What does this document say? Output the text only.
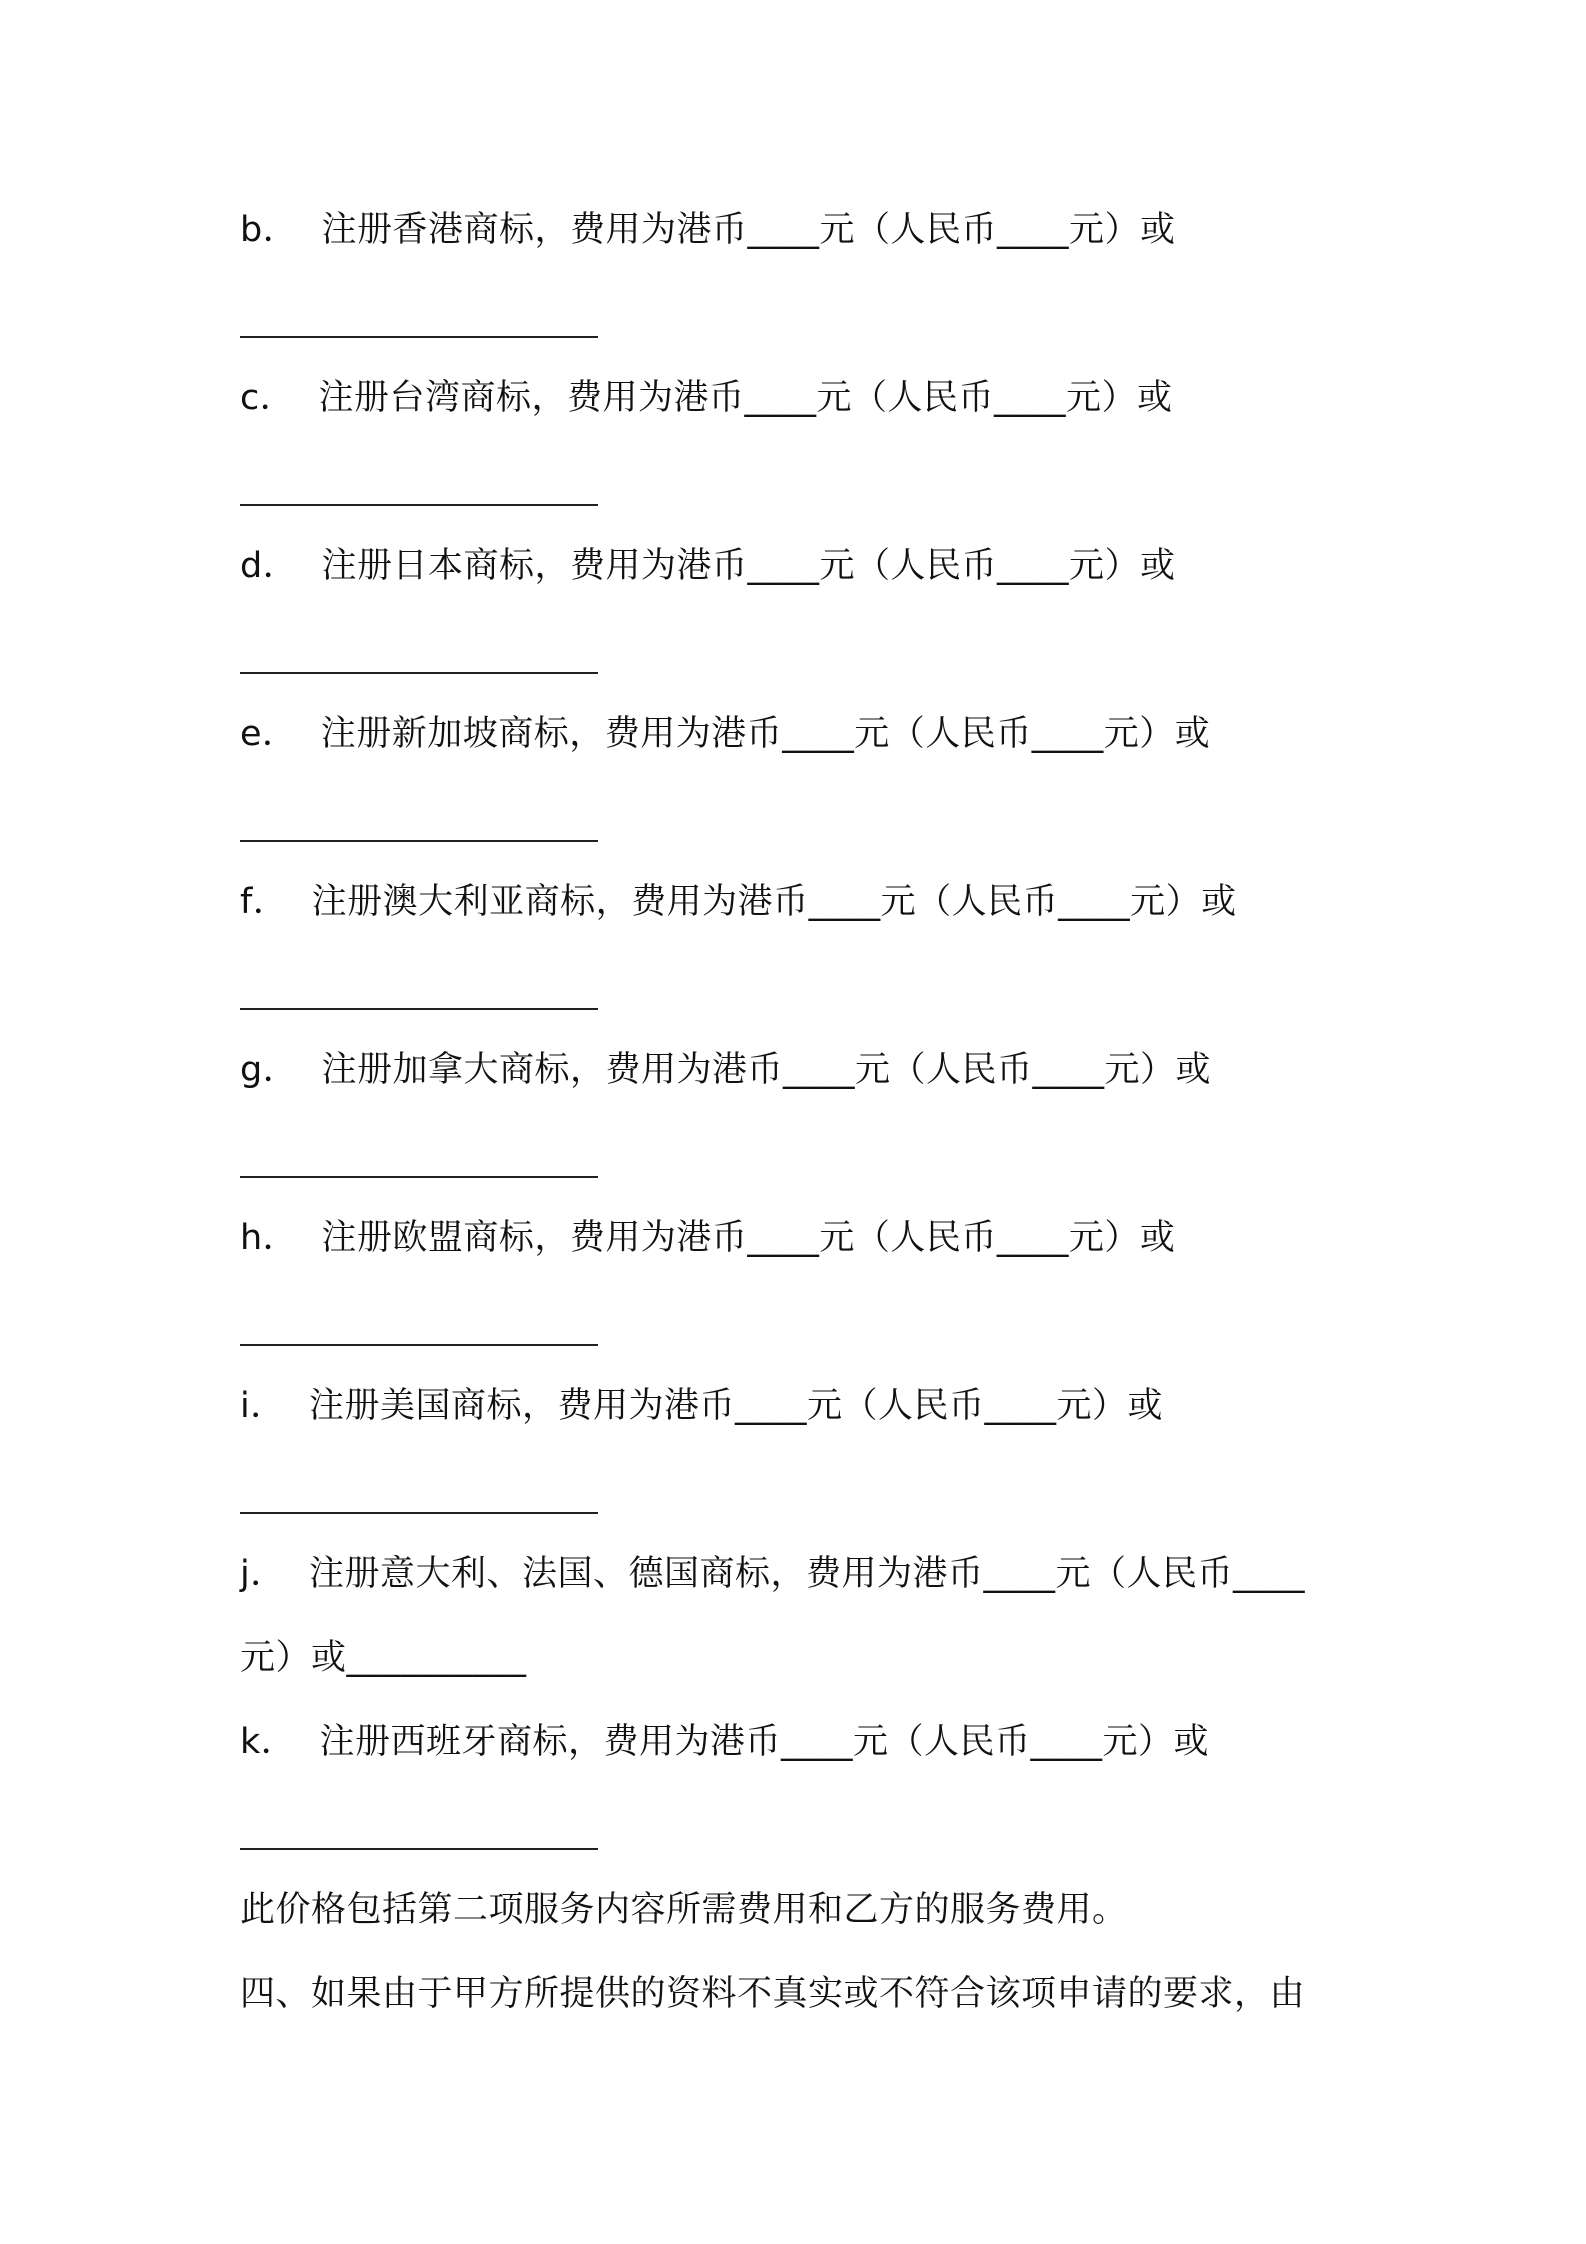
b．  注册香港商标，费用为港币____元（人民币____元）或
c．  注册台湾商标，费用为港币____元（人民币____元）或
d．  注册日本商标，费用为港币____元（人民币____元）或
e．  注册新加坡商标，费用为港币____元（人民币____元）或
f．  注册澳大利亚商标，费用为港币____元（人民币____元）或
g．  注册加拿大商标，费用为港币____元（人民币____元）或
h．  注册欧盟商标，费用为港币____元（人民币____元）或
i．  注册美国商标，费用为港币____元（人民币____元）或
j．  注册意大利、法国、德国商标，费用为港币____元（人民币____
元）或__________
k．  注册西班牙商标，费用为港币____元（人民币____元）或
此价格包括第二项服务内容所需费用和乙方的服务费用。
四、如果由于甲方所提供的资料不真实或不符合该项申请的要求，由
